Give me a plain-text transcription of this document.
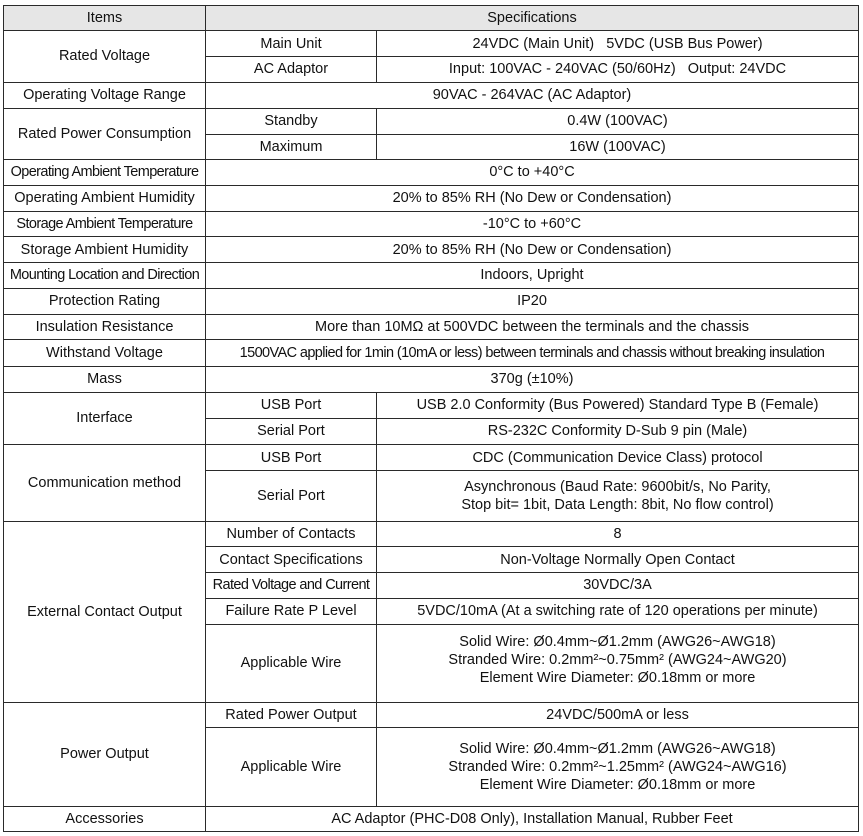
Items	Specifications	
Rated Voltage	Main Unit	24VDC (Main Unit)   5VDC (USB Bus Power)
	AC Adaptor	Input: 100VAC - 240VAC (50/60Hz)   Output: 24VDC
Operating Voltage Range	90VAC - 264VAC (AC Adaptor)	
Rated Power Consumption	Standby	0.4W (100VAC)
	Maximum	16W (100VAC)
Operating Ambient Temperature	0°C to +40°C	
Operating Ambient Humidity	20% to 85% RH (No Dew or Condensation)	
Storage Ambient Temperature	-10°C to +60°C	
Storage Ambient Humidity	20% to 85% RH (No Dew or Condensation)	
Mounting Location and Direction	Indoors, Upright	
Protection Rating	IP20	
Insulation Resistance	More than 10MΩ at 500VDC between the terminals and the chassis	
Withstand Voltage	1500VAC applied for 1min (10mA or less) between terminals and chassis without breaking insulation	
Mass	370g (±10%)	
Interface	USB Port	USB 2.0 Conformity (Bus Powered) Standard Type B (Female)
	Serial Port	RS-232C Conformity D-Sub 9 pin (Male)
Communication method	USB Port	CDC (Communication Device Class) protocol
	Serial Port	Asynchronous (Baud Rate: 9600bit/s, No Parity,
Stop bit= 1bit, Data Length: 8bit, No flow control)

External Contact Output	Number of Contacts	8
	Contact Specifications	Non-Voltage Normally Open Contact
	Rated Voltage and Current	30VDC/3A
	Failure Rate P Level	5VDC/10mA (At a switching rate of 120 operations per minute)
	Applicable Wire	Solid Wire: Ø0.4mm~Ø1.2mm (AWG26~AWG18)
Stranded Wire: 0.2mm²~0.75mm² (AWG24~AWG20)
Element Wire Diameter: Ø0.18mm or more

Power Output	Rated Power Output	24VDC/500mA or less
	Applicable Wire	Solid Wire: Ø0.4mm~Ø1.2mm (AWG26~AWG18)
Stranded Wire: 0.2mm²~1.25mm² (AWG24~AWG16)
Element Wire Diameter: Ø0.18mm or more

Accessories	AC Adaptor (PHC-D08 Only), Installation Manual, Rubber Feet	
